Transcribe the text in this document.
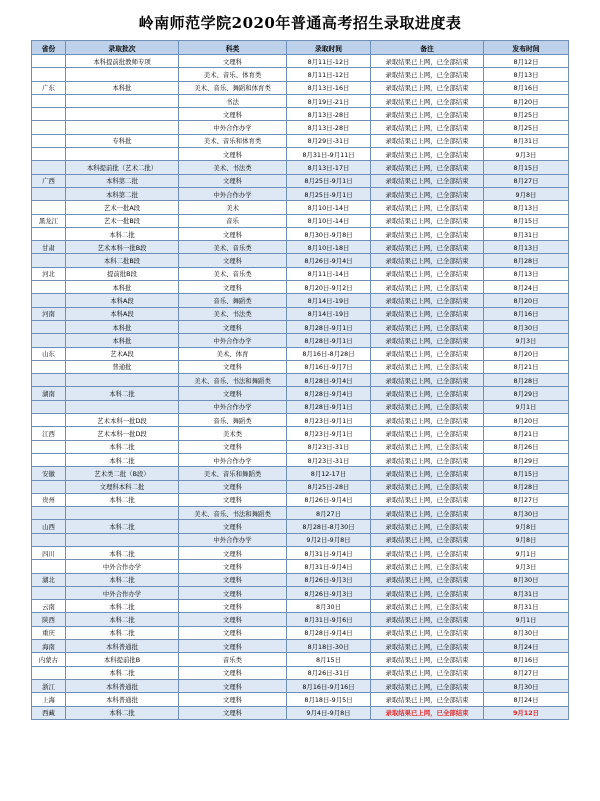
岭南师范学院2020年普通高考招生录取进度表
省份	录取批次	科类	录取时间	备注	发布时间
	本科提前批教师专项	文理科	8月11日-12日	录取结果已上网，已全部结束	8月12日
		美术、音乐、体育类	8月11日-12日	录取结果已上网，已全部结束	8月13日
广东	本科批	美术、音乐、舞蹈和体育类	8月13日-16日	录取结果已上网，已全部结束	8月16日
		书法	8月19日-21日	录取结果已上网，已全部结束	8月20日
		文理科	8月13日-28日	录取结果已上网，已全部结束	8月25日
		中外合作办学	8月13日-28日	录取结果已上网，已全部结束	8月25日
	专科批	美术、音乐和体育类	8月29日-31日	录取结果已上网，已全部结束	8月31日
		文理科	8月31日-9月11日	录取结果已上网，已全部结束	9月3日
	本科提前批（艺术二批）	美术、书法类	8月13日-17日	录取结果已上网，已全部结束	8月15日
广西	本科第二批	文理科	8月25日-9月1日	录取结果已上网，已全部结束	8月27日
	本科第二批	中外合作办学	8月25日-9月1日	录取结果已上网，已全部结束	9月8日
	艺术一批A段	美术	8月10日-14日	录取结果已上网，已全部结束	8月13日
黑龙江	艺术一批B段	音乐	8月10日-14日	录取结果已上网，已全部结束	8月15日
	本科二批	文理科	8月30日-9月8日	录取结果已上网，已全部结束	8月31日
甘肃	艺术本科一批B段	美术、音乐类	8月10日-18日	录取结果已上网，已全部结束	8月13日
	本科二批B段	文理科	8月26日-9月4日	录取结果已上网，已全部结束	8月28日
河北	提前批B段	美术、音乐类	8月11日-14日	录取结果已上网，已全部结束	8月13日
	本科批	文理科	8月20日-9月2日	录取结果已上网，已全部结束	8月24日
	本科A段	音乐、舞蹈类	8月14日-19日	录取结果已上网，已全部结束	8月20日
河南	本科A段	美术、书法类	8月14日-19日	录取结果已上网，已全部结束	8月16日
	本科批	文理科	8月28日-9月1日	录取结果已上网，已全部结束	8月30日
	本科批	中外合作办学	8月28日-9月1日	录取结果已上网，已全部结束	9月3日
山东	艺术A段	美术、体育	8月16日-8月28日	录取结果已上网，已全部结束	8月20日
	普通批	文理科	8月16日-9月7日	录取结果已上网，已全部结束	8月21日
		美术、音乐、书法和舞蹈类	8月28日-9月4日	录取结果已上网，已全部结束	8月28日
湖南	本科二批	文理科	8月28日-9月4日	录取结果已上网，已全部结束	8月29日
		中外合作办学	8月28日-9月1日	录取结果已上网，已全部结束	9月1日
	艺术本科一批D段	音乐、舞蹈类	8月23日-9月1日	录取结果已上网，已全部结束	8月20日
江西	艺术本科一批D段	美术类	8月23日-9月1日	录取结果已上网，已全部结束	8月21日
	本科二批	文理科	8月23日-31日	录取结果已上网，已全部结束	8月26日
	本科二批	中外合作办学	8月23日-31日	录取结果已上网，已全部结束	8月29日
安徽	艺术类二批（B段）	美术、音乐和舞蹈类	8月12-17日	录取结果已上网，已全部结束	8月15日
	文理科本科二批	文理科	8月25日-28日	录取结果已上网，已全部结束	8月28日
贵州	本科二批	文理科	8月26日-9月4日	录取结果已上网，已全部结束	8月27日
		美术、音乐、书法和舞蹈类	8月27日	录取结果已上网，已全部结束	8月30日
山西	本科二批	文理科	8月28日-8月30日	录取结果已上网，已全部结束	9月8日
		中外合作办学	9月2日-9月8日	录取结果已上网，已全部结束	9月8日
四川	本科二批	文理科	8月31日-9月4日	录取结果已上网，已全部结束	9月1日
	中外合作办学	文理科	8月31日-9月4日	录取结果已上网，已全部结束	9月3日
湖北	本科二批	文理科	8月26日-9月3日	录取结果已上网，已全部结束	8月30日
	中外合作办学	文理科	8月26日-9月3日	录取结果已上网，已全部结束	8月31日
云南	本科二批	文理科	8月30日	录取结果已上网，已全部结束	8月31日
陕西	本科二批	文理科	8月31日-9月6日	录取结果已上网，已全部结束	9月1日
重庆	本科二批	文理科	8月28日-9月4日	录取结果已上网，已全部结束	8月30日
海南	本科普通批	文理科	8月18日-30日	录取结果已上网，已全部结束	8月24日
内蒙古	本科提前批B	音乐类	8月15日	录取结果已上网，已全部结束	8月16日
	本科二批	文理科	8月26日-31日	录取结果已上网，已全部结束	8月27日
浙江	本科普通批	文理科	8月16日-9月16日	录取结果已上网，已全部结束	8月30日
上海	本科普通批	文理科	8月18日-9月5日	录取结果已上网，已全部结束	8月24日
西藏	本科二批	文理科	9月4日-9月8日	录取结果已上网，已全部结束	9月12日
